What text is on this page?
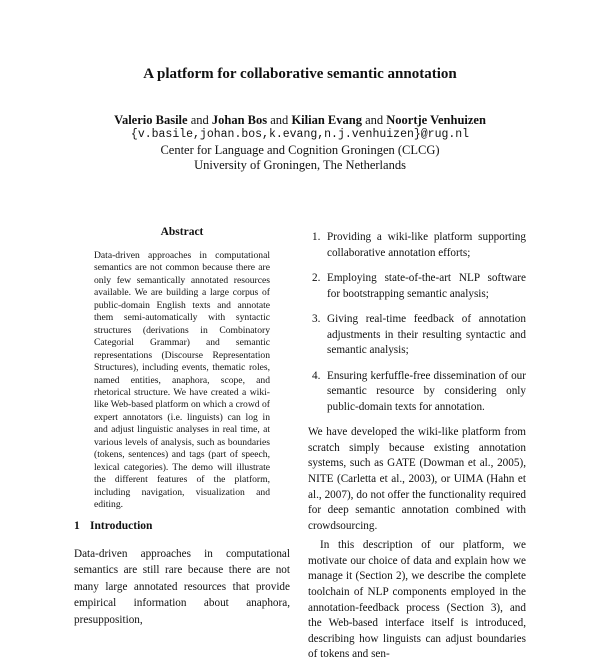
A platform for collaborative semantic annotation
Valerio Basile and Johan Bos and Kilian Evang and Noortje Venhuizen
{v.basile,johan.bos,k.evang,n.j.venhuizen}@rug.nl
Center for Language and Cognition Groningen (CLCG)
University of Groningen, The Netherlands
Abstract
Data-driven approaches in computational semantics are not common because there are only few semantically annotated resources available. We are building a large corpus of public-domain English texts and annotate them semi-automatically with syntactic structures (derivations in Combinatory Categorial Grammar) and semantic representations (Discourse Representation Structures), including events, thematic roles, named entities, anaphora, scope, and rhetorical structure. We have created a wiki-like Web-based platform on which a crowd of expert annotators (i.e. linguists) can log in and adjust linguistic analyses in real time, at various levels of analysis, such as boundaries (tokens, sentences) and tags (part of speech, lexical categories). The demo will illustrate the different features of the platform, including navigation, visualization and editing.
1 Introduction
Data-driven approaches in computational semantics are still rare because there are not many large annotated resources that provide empirical information about anaphora, presupposition,
1. Providing a wiki-like platform supporting collaborative annotation efforts;
2. Employing state-of-the-art NLP software for bootstrapping semantic analysis;
3. Giving real-time feedback of annotation adjustments in their resulting syntactic and semantic analysis;
4. Ensuring kerfuffle-free dissemination of our semantic resource by considering only public-domain texts for annotation.
We have developed the wiki-like platform from scratch simply because existing annotation systems, such as GATE (Dowman et al., 2005), NITE (Carletta et al., 2003), or UIMA (Hahn et al., 2007), do not offer the functionality required for deep semantic annotation combined with crowdsourcing.
In this description of our platform, we motivate our choice of data and explain how we manage it (Section 2), we describe the complete toolchain of NLP components employed in the annotation-feedback process (Section 3), and the Web-based interface itself is introduced, describing how linguists can adjust boundaries of tokens and sen-
